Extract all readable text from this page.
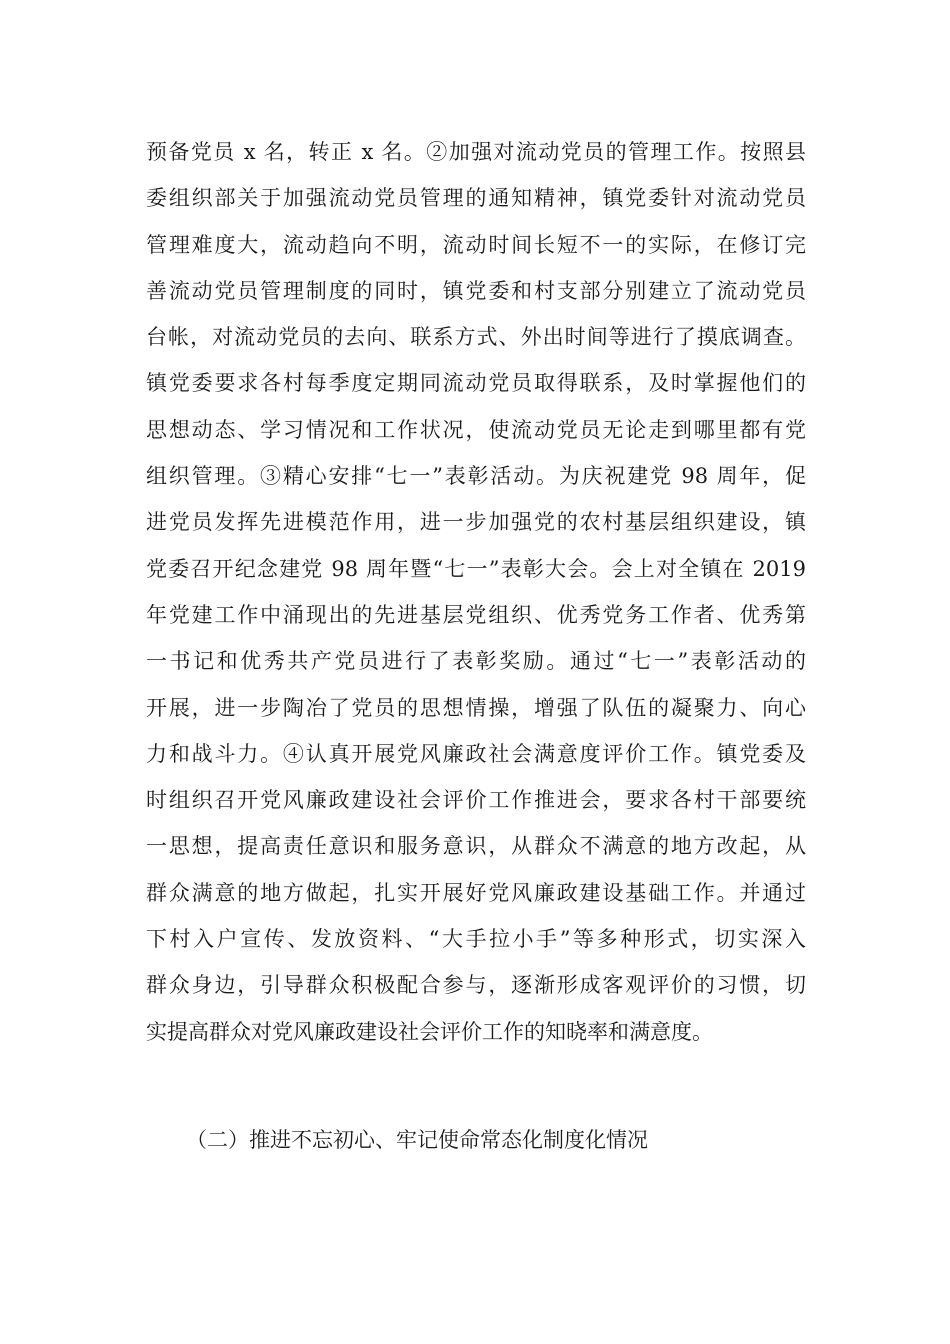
预备党员 x 名，转正 x 名。②加强对流动党员的管理工作。按照县
委组织部关于加强流动党员管理的通知精神，镇党委针对流动党员
管理难度大，流动趋向不明，流动时间长短不一的实际，在修订完
善流动党员管理制度的同时，镇党委和村支部分别建立了流动党员
台帐，对流动党员的去向、联系方式、外出时间等进行了摸底调查。
镇党委要求各村每季度定期同流动党员取得联系，及时掌握他们的
思想动态、学习情况和工作状况，使流动党员无论走到哪里都有党
组织管理。③精心安排“七一”表彰活动。为庆祝建党 98 周年，促
进党员发挥先进模范作用，进一步加强党的农村基层组织建设，镇
党委召开纪念建党 98 周年暨“七一”表彰大会。会上对全镇在 2019
年党建工作中涌现出的先进基层党组织、优秀党务工作者、优秀第
一书记和优秀共产党员进行了表彰奖励。通过“七一”表彰活动的
开展，进一步陶冶了党员的思想情操，增强了队伍的凝聚力、向心
力和战斗力。④认真开展党风廉政社会满意度评价工作。镇党委及
时组织召开党风廉政建设社会评价工作推进会，要求各村干部要统
一思想，提高责任意识和服务意识，从群众不满意的地方改起，从
群众满意的地方做起，扎实开展好党风廉政建设基础工作。并通过
下村入户宣传、发放资料、“大手拉小手”等多种形式，切实深入
群众身边，引导群众积极配合参与，逐渐形成客观评价的习惯，切
实提高群众对党风廉政建设社会评价工作的知晓率和满意度。
（二）推进不忘初心、牢记使命常态化制度化情况
